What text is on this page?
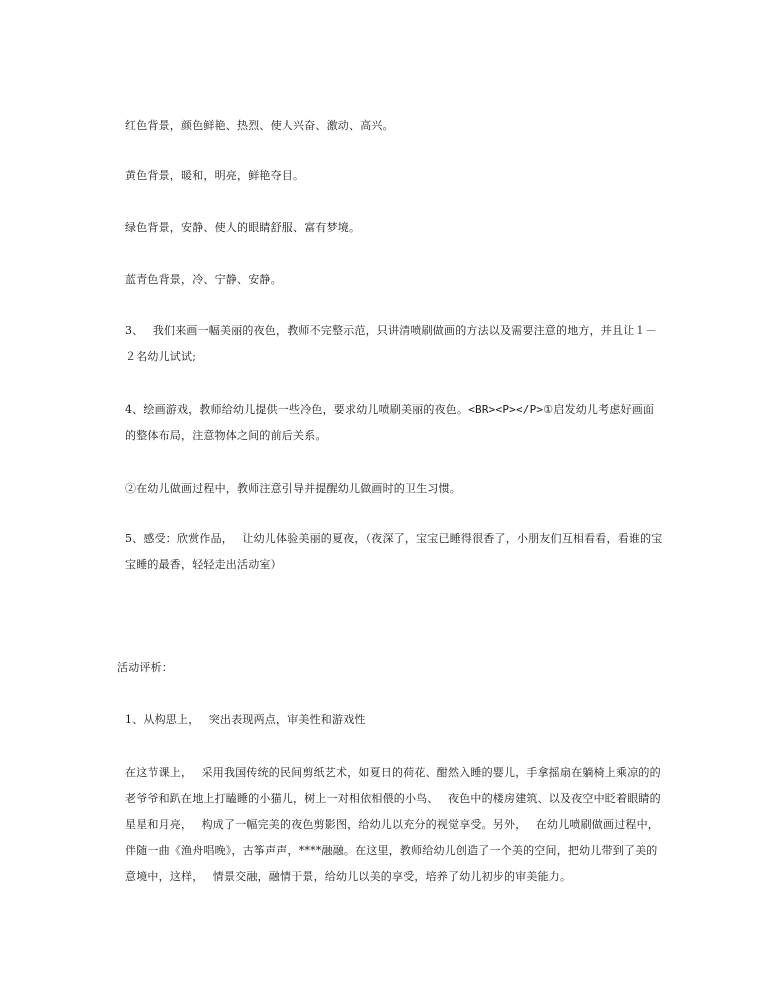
红色背景，颜色鲜艳、热烈、使人兴奋、激动、高兴。
黄色背景，暖和，明亮，鲜艳夺目。
绿色背景，安静、使人的眼睛舒服、富有梦境。
蓝青色背景，冷、宁静、安静。
3、　 我们来画一幅美丽的夜色，教师不完整示范，只讲清喷刷做画的方法以及需要注意的地方，并且让１－２名幼儿试试;
4、绘画游戏，教师给幼儿提供一些冷色，要求幼儿喷刷美丽的夜色。<BR><P></P>①启发幼儿考虑好画面的整体布局，注意物体之间的前后关系。
②在幼儿做画过程中，教师注意引导并提醒幼儿做画时的卫生习惯。
5、感受：欣赏作品，　 让幼儿体验美丽的夏夜，（夜深了，宝宝已睡得很香了，小朋友们互相看看，看谁的宝宝睡的最香，轻轻走出活动室）
活动评析：
1、从构思上，　 突出表现两点，审美性和游戏性
在这节课上，　 采用我国传统的民间剪纸艺术，如夏日的荷花、酣然入睡的婴儿，手拿摇扇在躺椅上乘凉的的老爷爷和趴在地上打瞌睡的小猫儿，树上一对相依相偎的小鸟、　 夜色中的楼房建筑、以及夜空中眨着眼睛的星星和月亮，　 构成了一幅完美的夜色剪影图，给幼儿以充分的视觉享受。另外，　 在幼儿喷刷做画过程中，伴随一曲《渔舟唱晚》，古筝声声，****融融。在这里，教师给幼儿创造了一个美的空间，把幼儿带到了美的意境中，这样，　 情景交融，融情于景，给幼儿以美的享受，培养了幼儿初步的审美能力。
